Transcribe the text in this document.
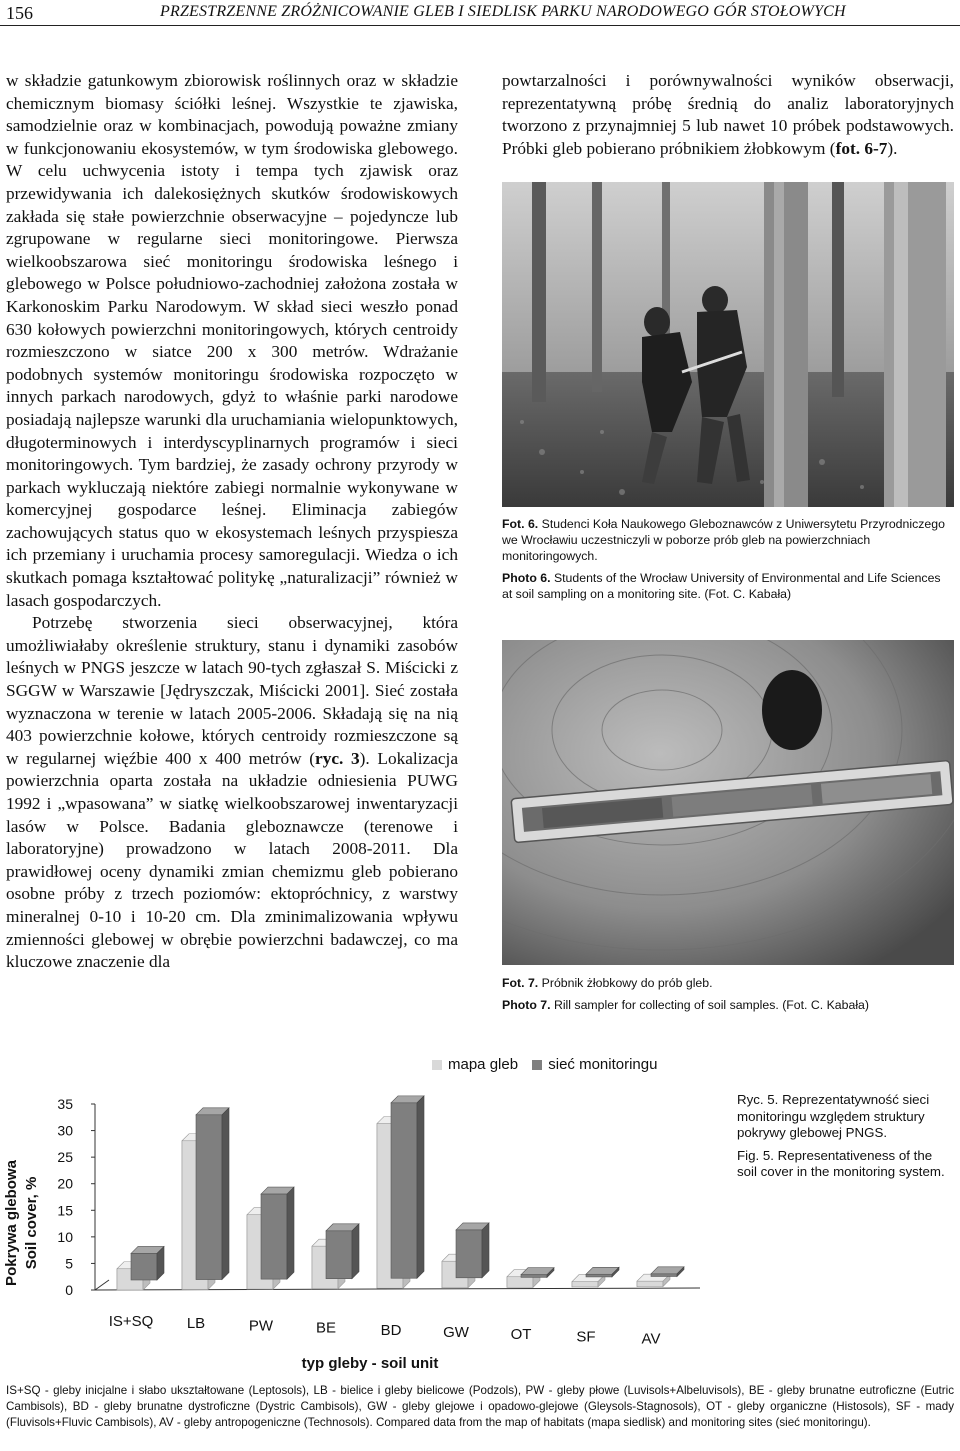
156	PRZESTRZENNE ZRÓŻNICOWANIE GLEB I SIEDLISK PARKU NARODOWEGO GÓR STOŁOWYCH

w składzie gatunkowym zbiorowisk roślinnych oraz w składzie chemicznym biomasy ściółki leśnej. Wszystkie te zjawiska, samodzielnie oraz w kombinacjach, powodują poważne zmiany w funkcjonowaniu ekosystemów, w tym środowiska glebowego. W celu uchwycenia istoty i tempa tych zjawisk oraz przewidywania ich dalekosiężnych skutków środowiskowych zakłada się stałe powierzchnie obserwacyjne – pojedyncze lub zgrupowane w regularne sieci monitoringowe. Pierwsza wielkoobszarowa sieć monitoringu środowiska leśnego i glebowego w Polsce południowo-zachodniej założona została w Karkonoskim Parku Narodowym. W skład sieci weszło ponad 630 kołowych powierzchni monitoringowych, których centroidy rozmieszczono w siatce 200 x 300 metrów. Wdrażanie podobnych systemów monitoringu środowiska rozpoczęto w innych parkach narodowych, gdyż to właśnie parki narodowe posiadają najlepsze warunki dla uruchamiania wielopunktowych, długoterminowych i interdyscyplinarnych programów i sieci monitoringowych. Tym bardziej, że zasady ochrony przyrody w parkach wykluczają niektóre zabiegi normalnie wykonywane w komercyjnej gospodarce leśnej. Eliminacja zabiegów zachowujących status quo w ekosystemach leśnych przyspiesza ich przemiany i uruchamia procesy samoregulacji. Wiedza o ich skutkach pomaga kształtować politykę „naturalizacji” również w lasach gospodarczych.

Potrzebę stworzenia sieci obserwacyjnej, która umożliwiałaby określenie struktury, stanu i dynamiki zasobów leśnych w PNGS jeszcze w latach 90-tych zgłaszał S. Miścicki z SGGW w Warszawie [Jędryszczak, Miścicki 2001]. Sieć została wyznaczona w terenie w latach 2005-2006. Składają się na nią 403 powierzchnie kołowe, których centroidy rozmieszczone są w regularnej więźbie 400 x 400 metrów (ryc. 3). Lokalizacja powierzchnia oparta została na układzie odniesienia PUWG 1992 i „wpasowana” w siatkę wielkoobszarowej inwentaryzacji lasów w Polsce. Badania gleboznawcze (terenowe i laboratoryjne) prowadzono w latach 2008-2011. Dla prawidłowej oceny dynamiki zmian chemizmu gleb pobierano osobne próby z trzech poziomów: ektopróchnicy, z warstwy mineralnej 0-10 i 10-20 cm. Dla zminimalizowania wpływu zmienności glebowej w obrębie powierzchni badawczej, co ma kluczowe znaczenie dla

powtarzalności i porównywalności wyników obserwacji, reprezentatywną próbę średnią do analiz laboratoryjnych tworzono z przynajmniej 5 lub nawet 10 próbek podstawowych. Próbki gleb pobierano próbnikiem żłobkowym (fot. 6-7).

Fot. 6. Studenci Koła Naukowego Gleboznawców z Uniwersytetu Przyrodniczego we Wrocławiu uczestniczyli w poborze prób gleb na powierzchniach monitoringowych.
Photo 6. Students of the Wrocław University of Environmental and Life Sciences at soil sampling on a monitoring site. (Fot. C. Kabała)
Fot. 7. Próbnik żłobkowy do prób gleb.
Photo 7. Rill sampler for collecting of soil samples. (Fot. C. Kabała)
mapa gleb sieć monitoringu

Ryc. 5. Reprezentatywność sieci monitoringu względem struktury pokrywy glebowej PNGS.

Fig. 5. Representativeness of the soil cover in the monitoring system.

35
30
25
20
15
10
5
0
Pokrywa glebowa Soil cover, %
IS+SQ LB	PW	BE	BD	GW	OT	SF	AV
typ gleby - soil unit
IS+SQ - gleby inicjalne i słabo ukształtowane (Leptosols), LB - bielice i gleby bielicowe (Podzols), PW - gleby płowe (Luvisols+Albeluvisols), BE - gleby brunatne eutroficzne (Eutric Cambisols), BD - gleby brunatne dystroficzne (Dystric Cambisols), GW - gleby glejowe i opadowo-glejowe (Gleysols-Stagnosols), OT - gleby organiczne (Histosols), SF - mady (Fluvisols+Fluvic Cambisols), AV - gleby antropogeniczne (Technosols). Compared data from the map of habitats (mapa siedlisk) and monitoring sites (sieć monitoringu).
